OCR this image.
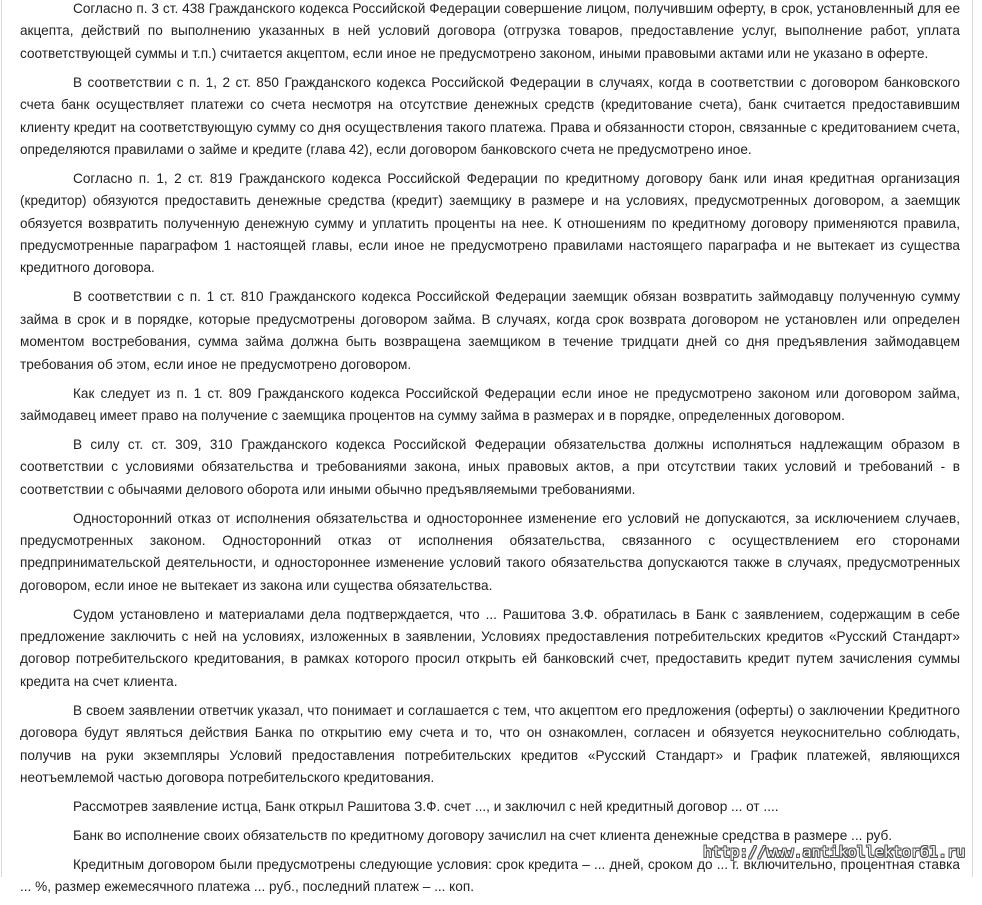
Согласно п. 3 ст. 438 Гражданского кодекса Российской Федерации совершение лицом, получившим оферту, в срок, установленный для ее акцепта, действий по выполнению указанных в ней условий договора (отгрузка товаров, предоставление услуг, выполнение работ, уплата соответствующей суммы и т.п.) считается акцептом, если иное не предусмотрено законом, иными правовыми актами или не указано в оферте.

В соответствии с п. 1, 2 ст. 850 Гражданского кодекса Российской Федерации в случаях, когда в соответствии с договором банковского счета банк осуществляет платежи со счета несмотря на отсутствие денежных средств (кредитование счета), банк считается предоставившим клиенту кредит на соответствующую сумму со дня осуществления такого платежа. Права и обязанности сторон, связанные с кредитованием счета, определяются правилами о займе и кредите (глава 42), если договором банковского счета не предусмотрено иное.

Согласно п. 1, 2 ст. 819 Гражданского кодекса Российской Федерации по кредитному договору банк или иная кредитная организация (кредитор) обязуются предоставить денежные средства (кредит) заемщику в размере и на условиях, предусмотренных договором, а заемщик обязуется возвратить полученную денежную сумму и уплатить проценты на нее. К отношениям по кредитному договору применяются правила, предусмотренные параграфом 1 настоящей главы, если иное не предусмотрено правилами настоящего параграфа и не вытекает из существа кредитного договора.

В соответствии с п. 1 ст. 810 Гражданского кодекса Российской Федерации заемщик обязан возвратить займодавцу полученную сумму займа в срок и в порядке, которые предусмотрены договором займа. В случаях, когда срок возврата договором не установлен или определен моментом востребования, сумма займа должна быть возвращена заемщиком в течение тридцати дней со дня предъявления займодавцем требования об этом, если иное не предусмотрено договором.

Как следует из п. 1 ст. 809 Гражданского кодекса Российской Федерации если иное не предусмотрено законом или договором займа, займодавец имеет право на получение с заемщика процентов на сумму займа в размерах и в порядке, определенных договором.

В силу ст. ст. 309, 310 Гражданского кодекса Российской Федерации обязательства должны исполняться надлежащим образом в соответствии с условиями обязательства и требованиями закона, иных правовых актов, а при отсутствии таких условий и требований - в соответствии с обычаями делового оборота или иными обычно предъявляемыми требованиями.

Односторонний отказ от исполнения обязательства и одностороннее изменение его условий не допускаются, за исключением случаев, предусмотренных законом. Односторонний отказ от исполнения обязательства, связанного с осуществлением его сторонами предпринимательской деятельности, и одностороннее изменение условий такого обязательства допускаются также в случаях, предусмотренных договором, если иное не вытекает из закона или существа обязательства.

Судом установлено и материалами дела подтверждается, что ... Рашитова З.Ф. обратилась в Банк с заявлением, содержащим в себе предложение заключить с ней на условиях, изложенных в заявлении, Условиях предоставления потребительских кредитов «Русский Стандарт» договор потребительского кредитования, в рамках которого просил открыть ей банковский счет, предоставить кредит путем зачисления суммы кредита на счет клиента.

В своем заявлении ответчик указал, что понимает и соглашается с тем, что акцептом его предложения (оферты) о заключении Кредитного договора будут являться действия Банка по открытию ему счета и то, что он ознакомлен, согласен и обязуется неукоснительно соблюдать, получив на руки экземпляры Условий предоставления потребительских кредитов «Русский Стандарт» и График платежей, являющихся неотъемлемой частью договора потребительского кредитования.

Рассмотрев заявление истца, Банк открыл Рашитова З.Ф. счет ..., и заключил с ней кредитный договор ... от ....

Банк во исполнение своих обязательств по кредитному договору зачислил на счет клиента денежные средства в размере ... руб.

Кредитным договором были предусмотрены следующие условия: срок кредита – ... дней, сроком до ... г. включительно, процентная ставка ... %, размер ежемесячного платежа ... руб., последний платеж – ... коп.

http://www.antikollektor61.ru
